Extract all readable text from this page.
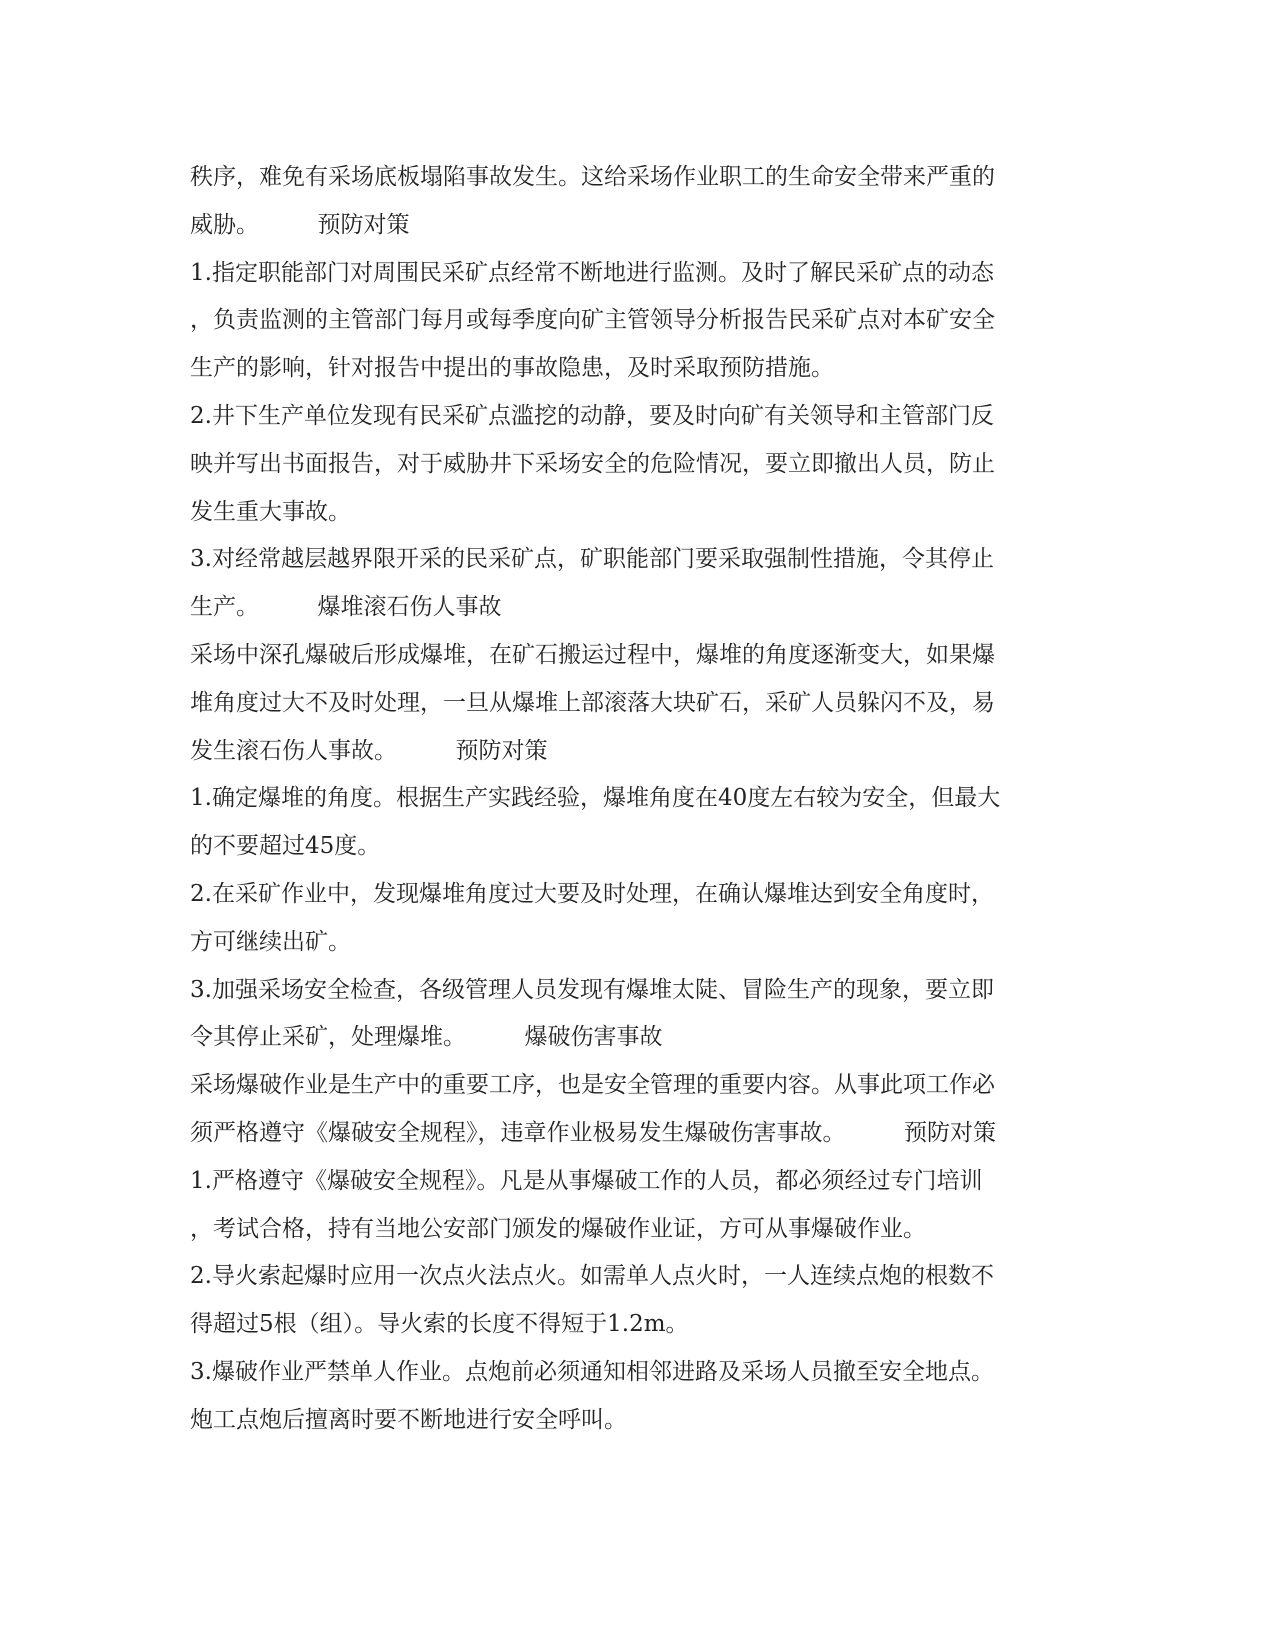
秩序，难免有采场底板塌陷事故发生。这给采场作业职工的生命安全带来严重的
威胁。        预防对策
1.指定职能部门对周围民采矿点经常不断地进行监测。及时了解民采矿点的动态
，负责监测的主管部门每月或每季度向矿主管领导分析报告民采矿点对本矿安全
生产的影响，针对报告中提出的事故隐患，及时采取预防措施。
2.井下生产单位发现有民采矿点滥挖的动静，要及时向矿有关领导和主管部门反
映并写出书面报告，对于威胁井下采场安全的危险情况，要立即撤出人员，防止
发生重大事故。
3.对经常越层越界限开采的民采矿点，矿职能部门要采取强制性措施，令其停止
生产。        爆堆滚石伤人事故
采场中深孔爆破后形成爆堆，在矿石搬运过程中，爆堆的角度逐渐变大，如果爆
堆角度过大不及时处理，一旦从爆堆上部滚落大块矿石，采矿人员躲闪不及，易
发生滚石伤人事故。        预防对策
1.确定爆堆的角度。根据生产实践经验，爆堆角度在40度左右较为安全，但最大
的不要超过45度。
2.在采矿作业中，发现爆堆角度过大要及时处理，在确认爆堆达到安全角度时，
方可继续出矿。
3.加强采场安全检查，各级管理人员发现有爆堆太陡、冒险生产的现象，要立即
令其停止采矿，处理爆堆。        爆破伤害事故
采场爆破作业是生产中的重要工序，也是安全管理的重要内容。从事此项工作必
须严格遵守《爆破安全规程》，违章作业极易发生爆破伤害事故。        预防对策
1.严格遵守《爆破安全规程》。凡是从事爆破工作的人员，都必须经过专门培训
，考试合格，持有当地公安部门颁发的爆破作业证，方可从事爆破作业。
2.导火索起爆时应用一次点火法点火。如需单人点火时，一人连续点炮的根数不
得超过5根（组）。导火索的长度不得短于1.2m。
3.爆破作业严禁单人作业。点炮前必须通知相邻进路及采场人员撤至安全地点。
炮工点炮后擅离时要不断地进行安全呼叫。
